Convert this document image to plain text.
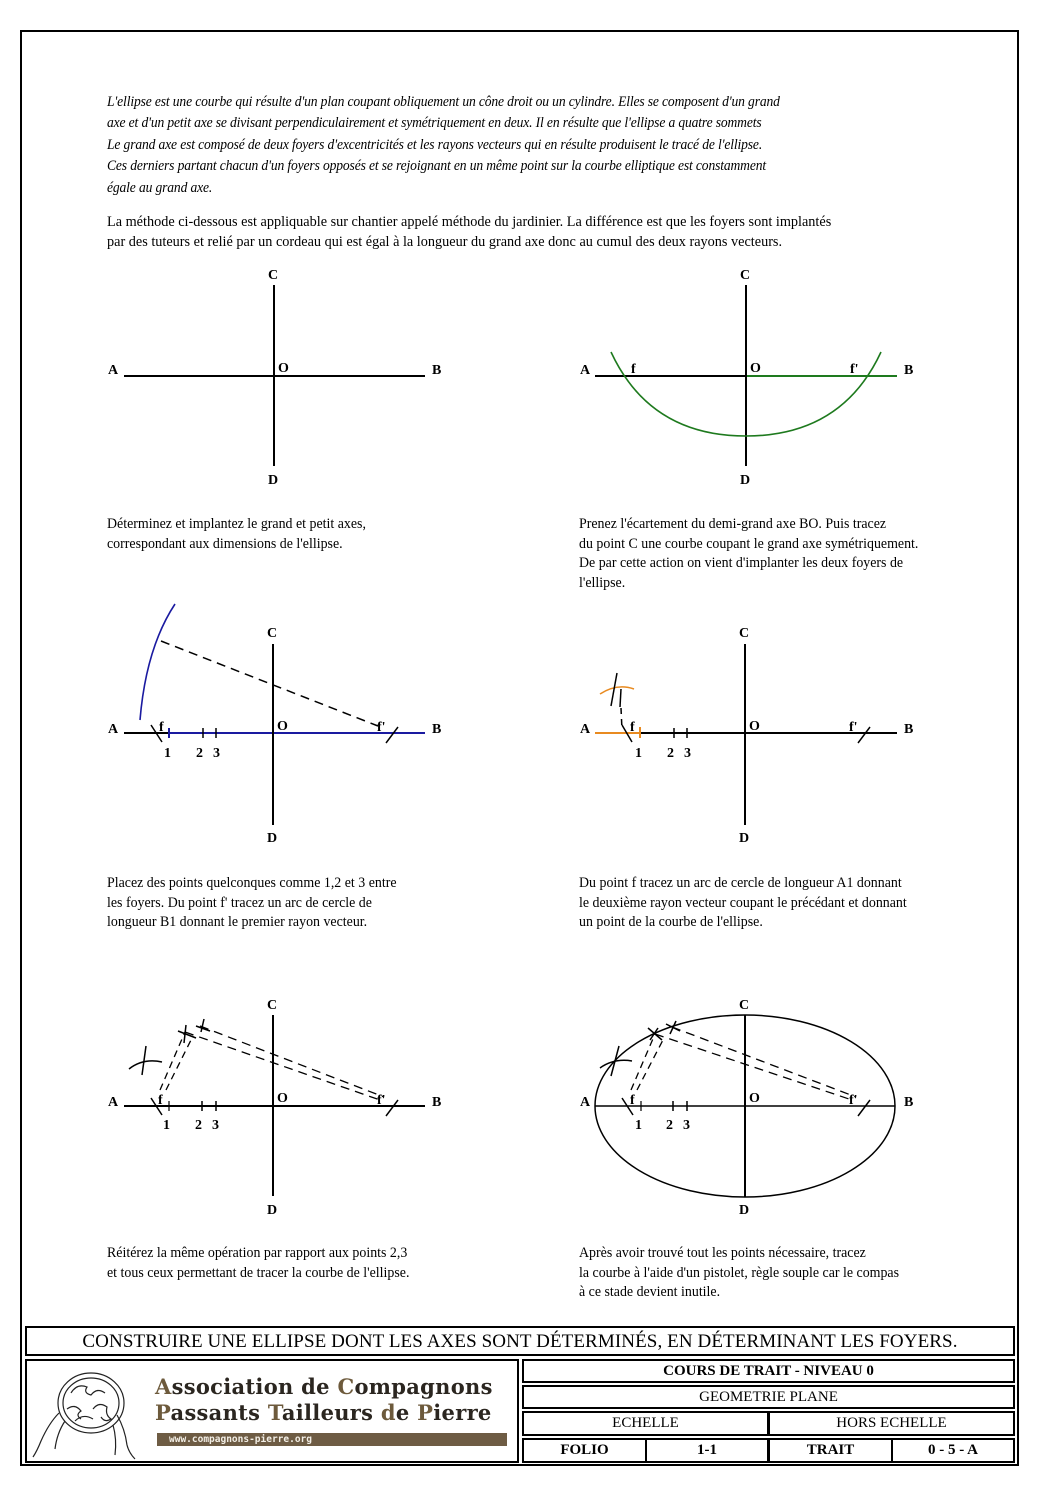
L'ellipse est une courbe qui résulte d'un plan coupant obliquement un cône droit ou un cylindre. Elles se composent d'un grand
axe et d'un petit axe se divisant perpendiculairement et symétriquement en deux. Il en résulte que l'ellipse a quatre sommets
Le grand axe est composé de deux foyers d'excentricités et les rayons vecteurs qui en résulte produisent le tracé de l'ellipse.
Ces derniers partant chacun d'un foyers opposés et se rejoignant en un même point sur la courbe elliptique est constamment
égale au grand axe.
La méthode ci-dessous est appliquable sur chantier appelé méthode du jardinier. La différence est que les foyers sont implantés
par des tuteurs et relié par un cordeau qui est égal à la longueur du grand axe donc au cumul des deux rayons vecteurs.
A	B
C
D
O	A	B
C
D
O
f	f'
A	B
C
D
O
f	f'
1 2 3
A	B
C
D
O
f	f'
1 2 3
A	B
C
D
O
f	f'
1 2 3
A	B
C
D
O
f	f'
1 2 3
Déterminez et implantez le grand et petit axes,
correspondant aux dimensions de l'ellipse.
Prenez l'écartement du demi-grand axe BO. Puis tracez
du point C une courbe coupant le grand axe symétriquement.
De par cette action on vient d'implanter les deux foyers de
l'ellipse.
Placez des points quelconques comme 1,2 et 3 entre
les foyers. Du point f' tracez un arc de cercle de
longueur B1 donnant le premier rayon vecteur.
Du point f tracez un arc de cercle de longueur A1 donnant
le deuxième rayon vecteur coupant le précédant et donnant
un point de la courbe de l'ellipse.
Réitérez la même opération par rapport aux points 2,3
et tous ceux permettant de tracer la courbe de l'ellipse.
Après avoir trouvé tout les points nécessaire, tracez
la courbe à l'aide d'un pistolet, règle souple car le compas
à ce stade devient inutile.
CONSTRUIRE UNE ELLIPSE DONT LES AXES SONT DÉTERMINÉS, EN DÉTERMINANT LES FOYERS.
Association de Compagnons
Passants Tailleurs de Pierre
www.compagnons-pierre.org
COURS DE TRAIT - NIVEAU 0
GEOMETRIE PLANE
ECHELLE	HORS ECHELLE
FOLIO	1-1	TRAIT	0 - 5 - A
